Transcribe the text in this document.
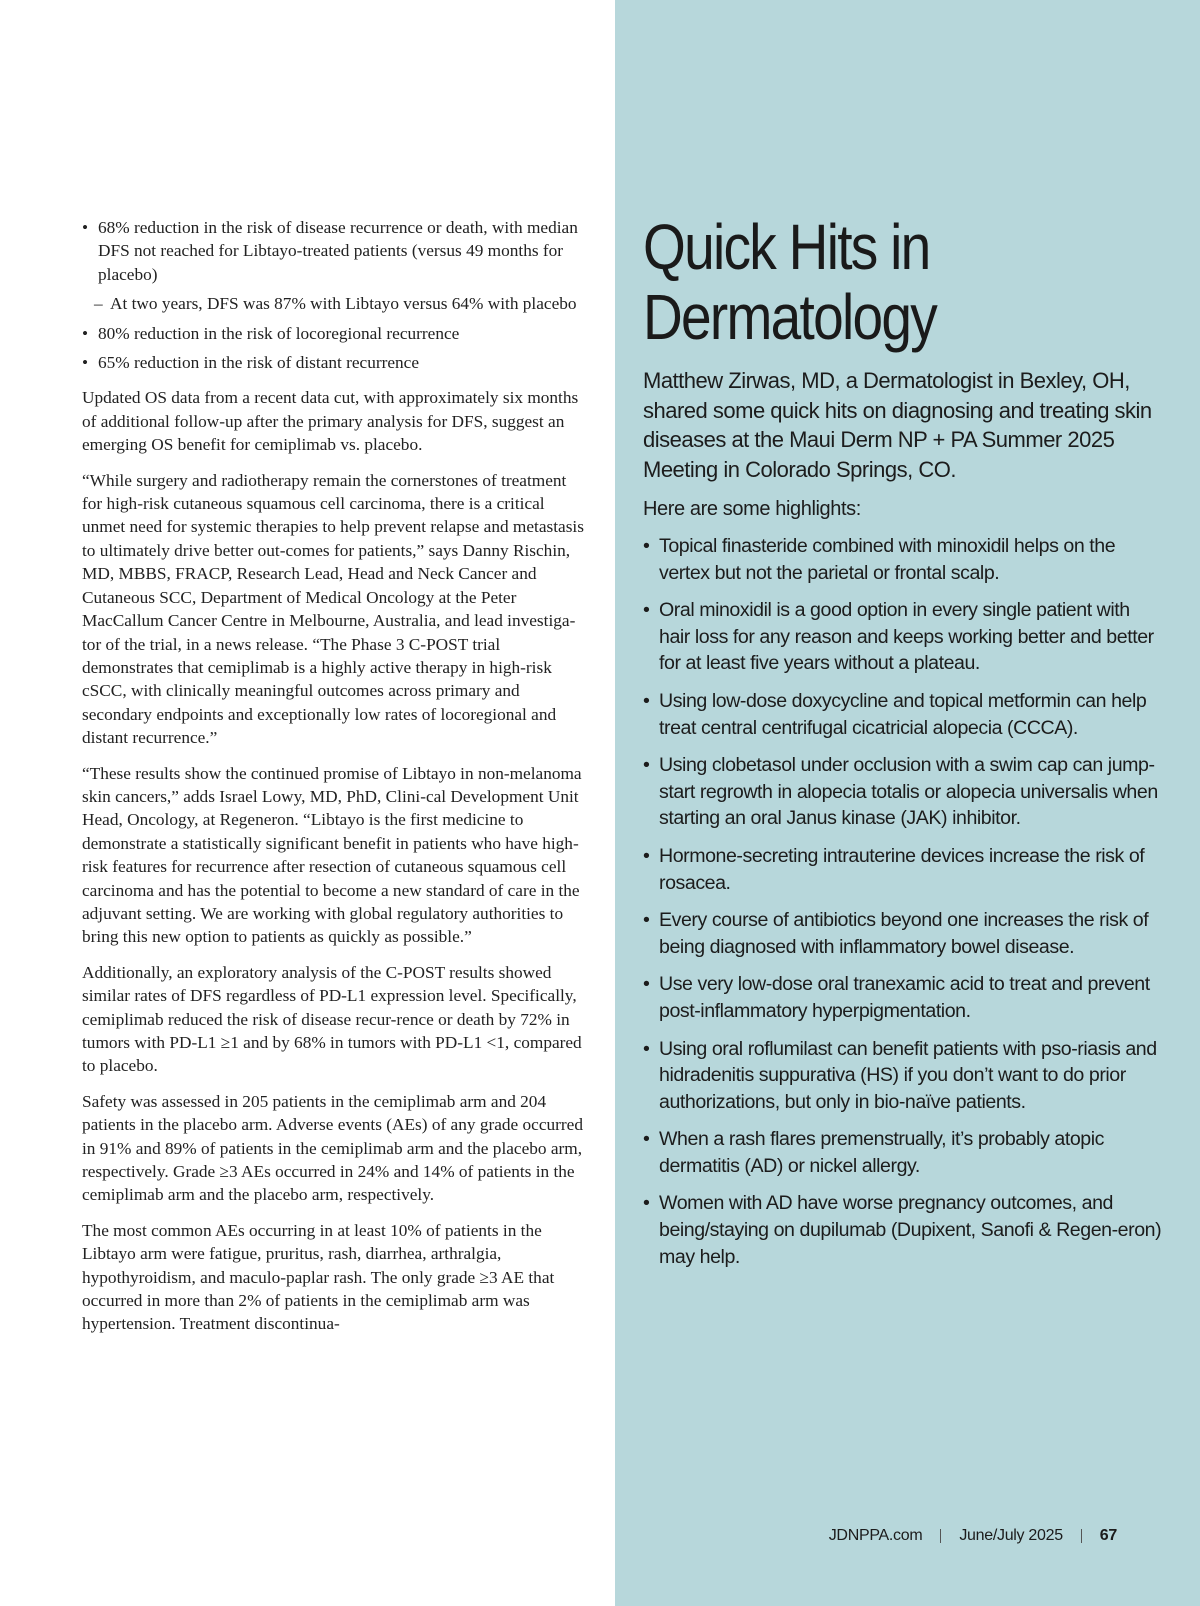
• 68% reduction in the risk of disease recurrence or death, with median DFS not reached for Libtayo-treated patients (versus 49 months for placebo)
– At two years, DFS was 87% with Libtayo versus 64% with placebo
• 80% reduction in the risk of locoregional recurrence
• 65% reduction in the risk of distant recurrence

Updated OS data from a recent data cut, with approximately six months of additional follow-up after the primary analysis for DFS, suggest an emerging OS benefit for cemiplimab vs. placebo.

“While surgery and radiotherapy remain the cornerstones of treatment for high-risk cutaneous squamous cell carcinoma, there is a critical unmet need for systemic therapies to help prevent relapse and metastasis to ultimately drive better out-comes for patients,” says Danny Rischin, MD, MBBS, FRACP, Research Lead, Head and Neck Cancer and Cutaneous SCC, Department of Medical Oncology at the Peter MacCallum Cancer Centre in Melbourne, Australia, and lead investiga-tor of the trial, in a news release. “The Phase 3 C-POST trial demonstrates that cemiplimab is a highly active therapy in high-risk cSCC, with clinically meaningful outcomes across primary and secondary endpoints and exceptionally low rates of locoregional and distant recurrence.”

“These results show the continued promise of Libtayo in non-melanoma skin cancers,” adds Israel Lowy, MD, PhD, Clini-cal Development Unit Head, Oncology, at Regeneron. “Libtayo is the first medicine to demonstrate a statistically significant benefit in patients who have high-risk features for recurrence after resection of cutaneous squamous cell carcinoma and has the potential to become a new standard of care in the adjuvant setting. We are working with global regulatory authorities to bring this new option to patients as quickly as possible.”

Additionally, an exploratory analysis of the C-POST results showed similar rates of DFS regardless of PD-L1 expression level. Specifically, cemiplimab reduced the risk of disease recur-rence or death by 72% in tumors with PD-L1 ≥1 and by 68% in tumors with PD-L1 <1, compared to placebo.

Safety was assessed in 205 patients in the cemiplimab arm and 204 patients in the placebo arm. Adverse events (AEs) of any grade occurred in 91% and 89% of patients in the cemiplimab arm and the placebo arm, respectively. Grade ≥3 AEs occurred in 24% and 14% of patients in the cemiplimab arm and the placebo arm, respectively.

The most common AEs occurring in at least 10% of patients in the Libtayo arm were fatigue, pruritus, rash, diarrhea, arthralgia, hypothyroidism, and maculo-paplar rash. The only grade ≥3 AE that occurred in more than 2% of patients in the cemiplimab arm was hypertension. Treatment discontinua-

Quick Hits in
Dermatology

Matthew Zirwas, MD, a Dermatologist in Bexley, OH, shared some quick hits on diagnosing and treating skin diseases at the Maui Derm NP + PA Summer 2025 Meeting in Colorado Springs, CO.

Here are some highlights:

• Topical finasteride combined with minoxidil helps on the vertex but not the parietal or frontal scalp.
• Oral minoxidil is a good option in every single patient with hair loss for any reason and keeps working better and better for at least five years without a plateau.
• Using low-dose doxycycline and topical metformin can help treat central centrifugal cicatricial alopecia (CCCA).
• Using clobetasol under occlusion with a swim cap can jump-start regrowth in alopecia totalis or alopecia universalis when starting an oral Janus kinase (JAK) inhibitor.
• Hormone-secreting intrauterine devices increase the risk of rosacea.
• Every course of antibiotics beyond one increases the risk of being diagnosed with inflammatory bowel disease.
• Use very low-dose oral tranexamic acid to treat and prevent post-inflammatory hyperpigmentation.
• Using oral roflumilast can benefit patients with pso-riasis and hidradenitis suppurativa (HS) if you don’t want to do prior authorizations, but only in bio-naïve patients.
• When a rash flares premenstrually, it’s probably atopic dermatitis (AD) or nickel allergy.
• Women with AD have worse pregnancy outcomes, and being/staying on dupilumab (Dupixent, Sanofi & Regen-eron) may help.
JDNPPA.com June/July 2025 67
